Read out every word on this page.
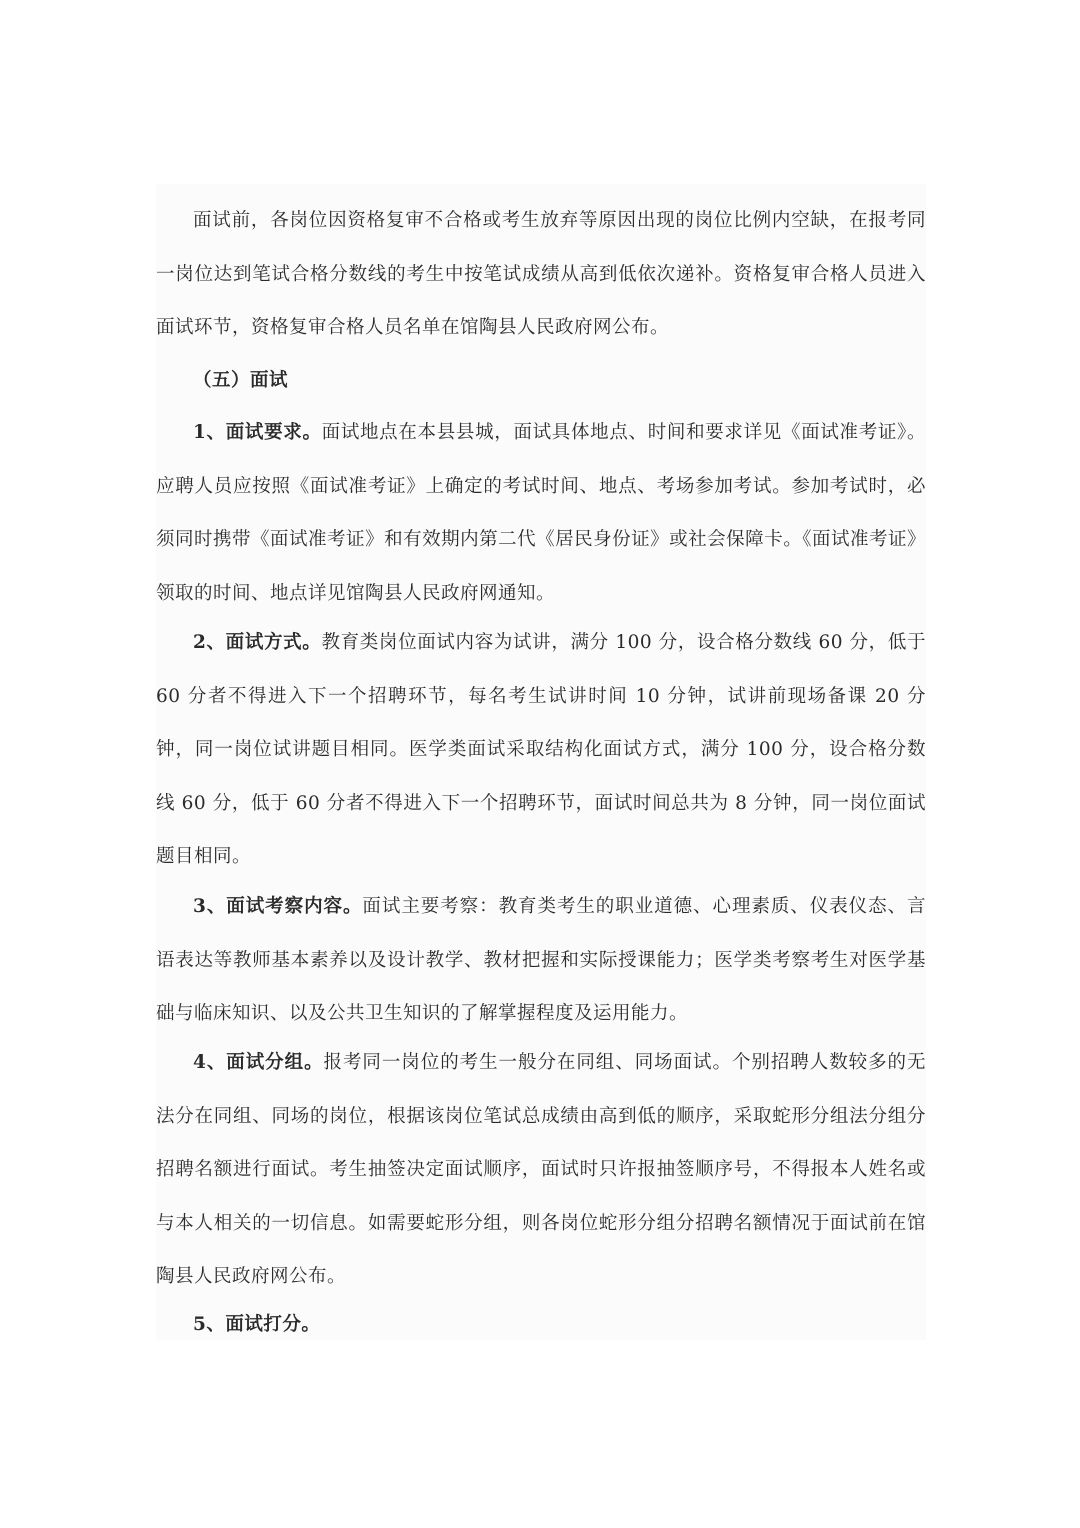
面试前，各岗位因资格复审不合格或考生放弃等原因出现的岗位比例内空缺，在报考同一岗位达到笔试合格分数线的考生中按笔试成绩从高到低依次递补。资格复审合格人员进入面试环节，资格复审合格人员名单在馆陶县人民政府网公布。

（五）面试

1、面试要求。面试地点在本县县城，面试具体地点、时间和要求详见《面试准考证》。应聘人员应按照《面试准考证》上确定的考试时间、地点、考场参加考试。参加考试时，必须同时携带《面试准考证》和有效期内第二代《居民身份证》或社会保障卡。《面试准考证》领取的时间、地点详见馆陶县人民政府网通知。

2、面试方式。教育类岗位面试内容为试讲，满分 100 分，设合格分数线 60 分，低于 60 分者不得进入下一个招聘环节，每名考生试讲时间 10 分钟，试讲前现场备课 20 分钟，同一岗位试讲题目相同。医学类面试采取结构化面试方式，满分 100 分，设合格分数线 60 分，低于 60 分者不得进入下一个招聘环节，面试时间总共为 8 分钟，同一岗位面试题目相同。

3、面试考察内容。面试主要考察：教育类考生的职业道德、心理素质、仪表仪态、言语表达等教师基本素养以及设计教学、教材把握和实际授课能力；医学类考察考生对医学基础与临床知识、以及公共卫生知识的了解掌握程度及运用能力。

4、面试分组。报考同一岗位的考生一般分在同组、同场面试。个别招聘人数较多的无法分在同组、同场的岗位，根据该岗位笔试总成绩由高到低的顺序，采取蛇形分组法分组分招聘名额进行面试。考生抽签决定面试顺序，面试时只许报抽签顺序号，不得报本人姓名或与本人相关的一切信息。如需要蛇形分组，则各岗位蛇形分组分招聘名额情况于面试前在馆陶县人民政府网公布。

5、面试打分。
